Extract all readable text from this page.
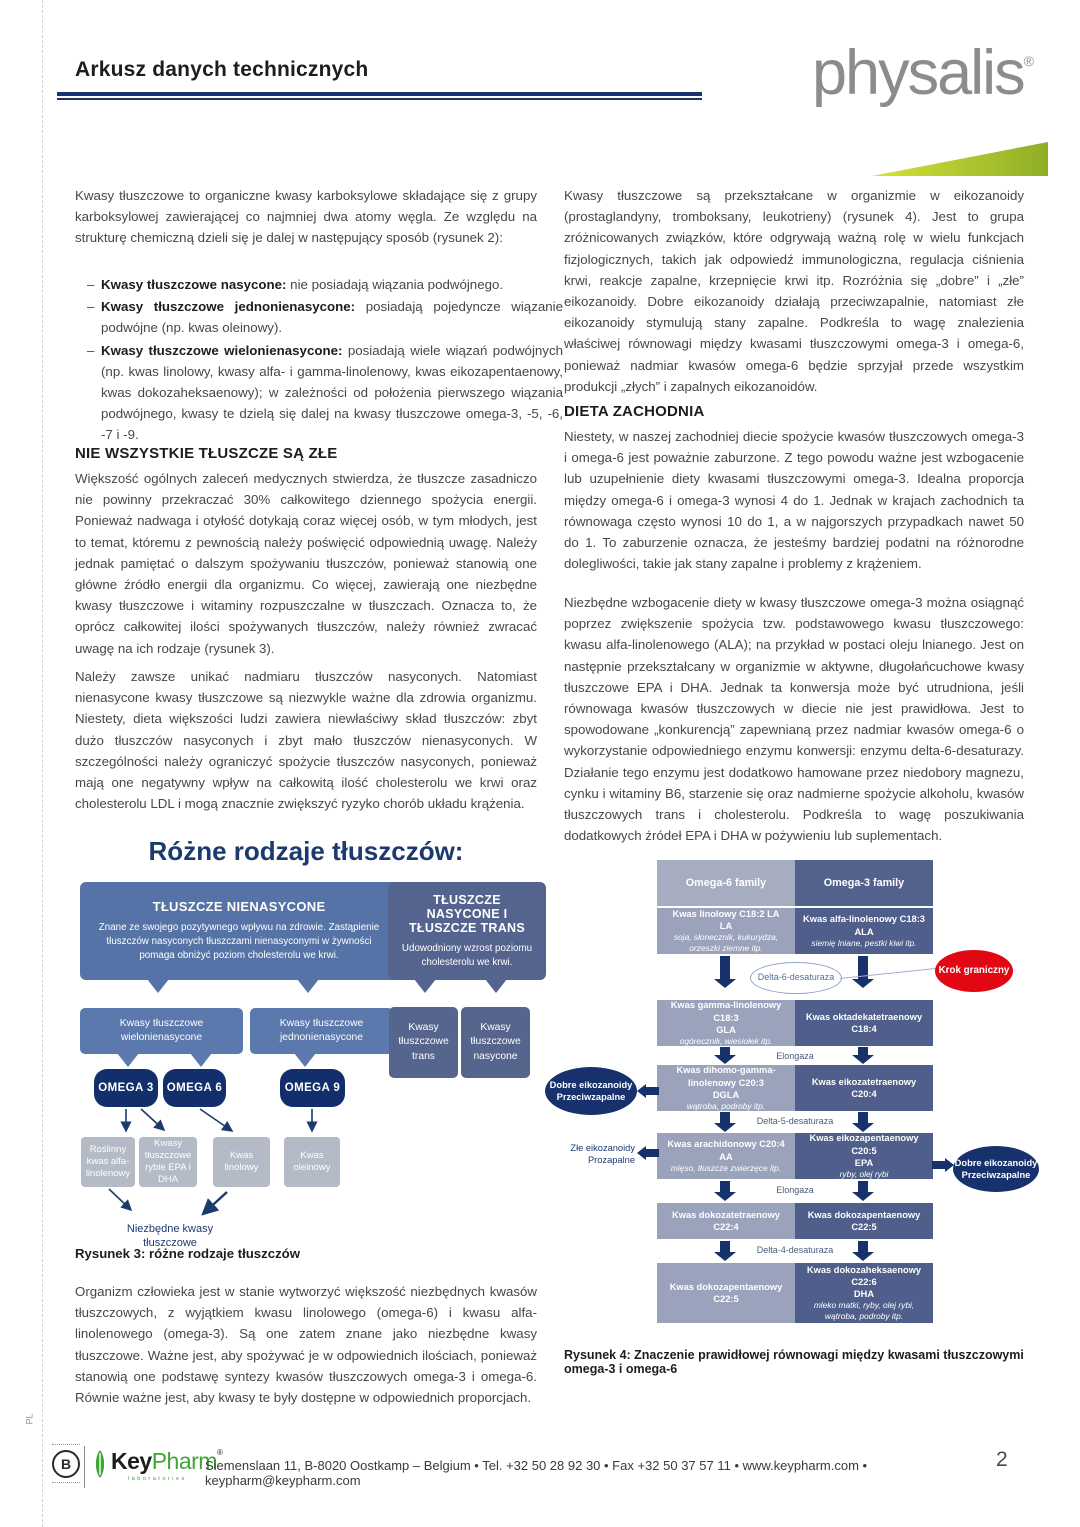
PL
Arkusz danych technicznych	physalis®
Kwasy tłuszczowe to organiczne kwasy karboksylowe składające się z grupy karboksylowej zawierającej co najmniej dwa atomy węgla. Ze względu na strukturę chemiczną dzieli się je dalej w następujący sposób (rysunek 2):
– Kwasy tłuszczowe nasycone: nie posiadają wiązania podwójnego.
– Kwasy tłuszczowe jednonienasycone: posiadają pojedyncze wiązanie podwójne (np. kwas oleinowy).
– Kwasy tłuszczowe wielonienasycone: posiadają wiele wiązań podwójnych (np. kwas linolowy, kwasy alfa- i gamma-linolenowy, kwas eikozapentaenowy, kwas dokozaheksaenowy); w zależności od położenia pierwszego wiązania podwójnego, kwasy te dzielą się dalej na kwasy tłuszczowe omega-3, -5, -6, -7 i -9.
NIE WSZYSTKIE TŁUSZCZE SĄ ZŁE
Większość ogólnych zaleceń medycznych stwierdza, że tłuszcze zasadniczo nie powinny przekraczać 30% całkowitego dziennego spożycia energii. Ponieważ nadwaga i otyłość dotykają coraz więcej osób, w tym młodych, jest to temat, któremu z pewnością należy poświęcić odpowiednią uwagę. Należy jednak pamiętać o dalszym spożywaniu tłuszczów, ponieważ stanowią one główne źródło energii dla organizmu. Co więcej, zawierają one niezbędne kwasy tłuszczowe i witaminy rozpuszczalne w tłuszczach. Oznacza to, że oprócz całkowitej ilości spożywanych tłuszczów, należy również zwracać uwagę na ich rodzaje (rysunek 3).
Należy zawsze unikać nadmiaru tłuszczów nasyconych. Natomiast nienasycone kwasy tłuszczowe są niezwykle ważne dla zdrowia organizmu. Niestety, dieta większości ludzi zawiera niewłaściwy skład tłuszczów: zbyt dużo tłuszczów nasyconych i zbyt mało tłuszczów nienasyconych. W szczególności należy ograniczyć spożycie tłuszczów nasyconych, ponieważ mają one negatywny wpływ na całkowitą ilość cholesterolu we krwi oraz cholesterolu LDL i mogą znacznie zwiększyć ryzyko chorób układu krążenia.
Różne rodzaje tłuszczów:
TŁUSZCZE NIENASYCONE
Znane ze swojego pozytywnego wpływu na zdrowie. Zastąpienie tłuszczów nasyconych tłuszczami nienasyconymi w żywności pomaga obniżyć poziom cholesterolu we krwi.
TŁUSZCZE NASYCONE I TŁUSZCZE TRANS
Udowodniony wzrost poziomu cholesterolu we krwi.
Kwasy tłuszczowe wielonienasycone
Kwasy tłuszczowe jednonienasycone
Kwasy tłuszczowe trans
Kwasy tłuszczowe nasycone
OMEGA 3	OMEGA 6	OMEGA 9
Roślinny kwas alfa-linolenowy
Kwasy tłuszczowe rybie EPA i DHA
Kwas linolowy
Kwas oleinowy
Niezbędne kwasy tłuszczowe
Rysunek 3: różne rodzaje tłuszczów
Organizm człowieka jest w stanie wytworzyć większość niezbędnych kwasów tłuszczowych, z wyjątkiem kwasu linolowego (omega-6) i kwasu alfa-linolenowego (omega-3). Są one zatem znane jako niezbędne kwasy tłuszczowe. Ważne jest, aby spożywać je w odpowiednich ilościach, ponieważ stanowią one podstawę syntezy kwasów tłuszczowych omega-3 i omega-6. Równie ważne jest, aby kwasy te były dostępne w odpowiednich proporcjach.
Kwasy tłuszczowe są przekształcane w organizmie w eikozanoidy (prostaglandyny, tromboksany, leukotrieny) (rysunek 4). Jest to grupa zróżnicowanych związków, które odgrywają ważną rolę w wielu funkcjach fizjologicznych, takich jak odpowiedź immunologiczna, regulacja ciśnienia krwi, reakcje zapalne, krzepnięcie krwi itp. Rozróżnia się „dobre” i „złe” eikozanoidy. Dobre eikozanoidy działają przeciwzapalnie, natomiast złe eikozanoidy stymulują stany zapalne. Podkreśla to wagę znalezienia właściwej równowagi między kwasami tłuszczowymi omega-3 i omega-6, ponieważ nadmiar kwasów omega-6 będzie sprzyjał przede wszystkim produkcji „złych” i zapalnych eikozanoidów.
DIETA ZACHODNIA
Niestety, w naszej zachodniej diecie spożycie kwasów tłuszczowych omega-3 i omega-6 jest poważnie zaburzone. Z tego powodu ważne jest wzbogacenie lub uzupełnienie diety kwasami tłuszczowymi omega-3. Idealna proporcja między omega-6 i omega-3 wynosi 4 do 1. Jednak w krajach zachodnich ta równowaga często wynosi 10 do 1, a w najgorszych przypadkach nawet 50 do 1. To zaburzenie oznacza, że jesteśmy bardziej podatni na różnorodne dolegliwości, takie jak stany zapalne i problemy z krążeniem.
Niezbędne wzbogacenie diety w kwasy tłuszczowe omega-3 można osiągnąć poprzez zwiększenie spożycia tzw. podstawowego kwasu tłuszczowego: kwasu alfa-linolenowego (ALA); na przykład w postaci oleju lnianego. Jest on następnie przekształcany w organizmie w aktywne, długołańcuchowe kwasy tłuszczowe EPA i DHA. Jednak ta konwersja może być utrudniona, jeśli równowaga kwasów tłuszczowych w diecie nie jest prawidłowa. Jest to spowodowane „konkurencją” zapewnianą przez nadmiar kwasów omega-6 o wykorzystanie odpowiedniego enzymu konwersji: enzymu delta-6-desaturazy. Działanie tego enzymu jest dodatkowo hamowane przez niedobory magnezu, cynku i witaminy B6, starzenie się oraz nadmierne spożycie alkoholu, kwasów tłuszczowych trans i cholesterolu. Podkreśla to wagę poszukiwania dodatkowych źródeł EPA i DHA w pożywieniu lub suplementach.
Omega-6 family	Omega-3 family
Kwas linolowy C18:2 LA
LA
soja, słonecznik, kukurydza, orzeszki ziemne itp.
Kwas alfa-linolenowy C18:3
ALA
siemię lniane, pestki kiwi itp.
Delta-6-desaturaza
Krok graniczny
Kwas gamma-linolenowy C18:3
GLA
ogórecznik, wiesiołek itp.
Kwas oktadekatetraenowy C18:4
Elongaza
Kwas dihomo-gamma-linolenowy C20:3
DGLA
wątroba, podroby itp.
Kwas eikozatetraenowy C20:4
Dobre eikozanoidy
Przeciwzapalne
Delta-5-desaturaza
Kwas arachidonowy C20:4
AA
mięso, tłuszcze zwierzęce itp.
Kwas eikozapentaenowy C20:5
EPA
ryby, olej rybi
Złe eikozanoidy
Prozapalne	Dobre eikozanoidy
Przeciwzapalne
Elongaza
Kwas dokozatetraenowy C22:4
Kwas dokozapentaenowy C22:5
Delta-4-desaturaza
Kwas dokozapentaenowy C22:5
Kwas dokozaheksaenowy C22:6
DHA
mleko matki, ryby, olej rybi, wątroba, podroby itp.
Rysunek 4: Znaczenie prawidłowej równowagi między kwasami tłuszczowymi omega-3 i omega-6
B	Key Pharm ®
laboratories
Siemenslaan 11, B-8020 Oostkamp – Belgium • Tel. +32 50 28 92 30 • Fax +32 50 37 57 11 • www.keypharm.com • keypharm@keypharm.com
2
